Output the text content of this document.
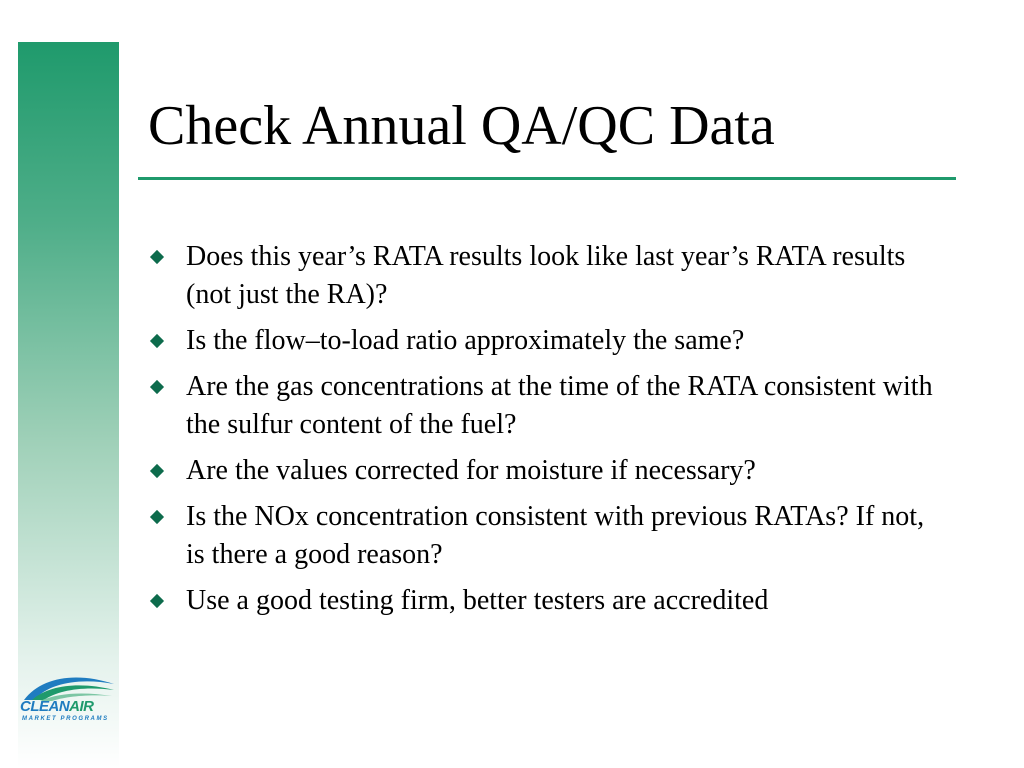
Check Annual QA/QC Data
Does this year’s RATA results look like last year’s RATA results (not just the RA)?
Is the flow–to-load ratio approximately the same?
Are the gas concentrations at the time of the RATA consistent with the sulfur content of the fuel?
Are the values corrected for moisture if necessary?
Is the NOx concentration consistent with previous RATAs? If not, is there a good reason?
Use a good testing firm, better testers are accredited
CLEANAIR
MARKET PROGRAMS
